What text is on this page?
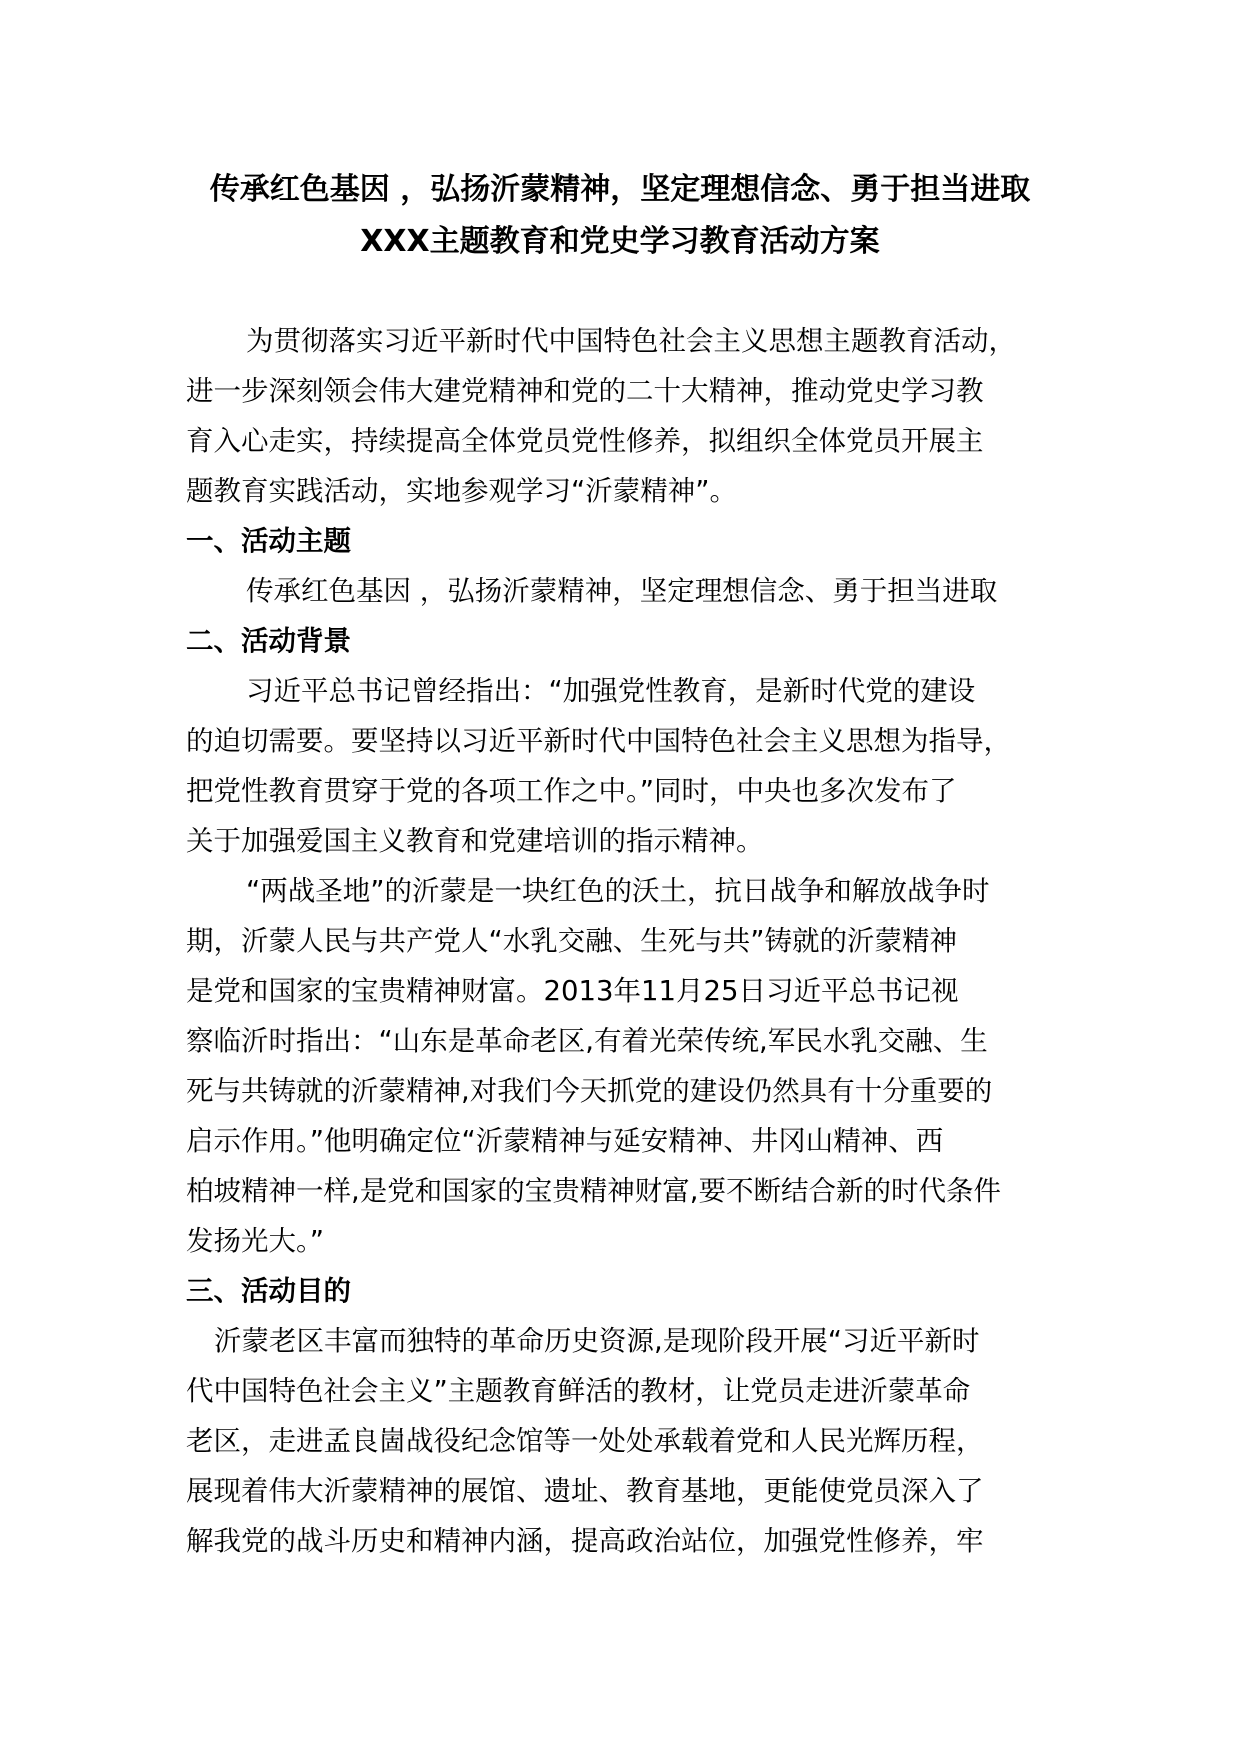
传承红色基因 ，弘扬沂蒙精神，坚定理想信念、勇于担当进取
XXX主题教育和党史学习教育活动方案
为贯彻落实习近平新时代中国特色社会主义思想主题教育活动，
进一步深刻领会伟大建党精神和党的二十大精神，推动党史学习教
育入心走实，持续提高全体党员党性修养，拟组织全体党员开展主
题教育实践活动，实地参观学习“沂蒙精神”。
一、活动主题
传承红色基因 ，弘扬沂蒙精神，坚定理想信念、勇于担当进取
二、活动背景
习近平总书记曾经指出：“加强党性教育，是新时代党的建设
的迫切需要。要坚持以习近平新时代中国特色社会主义思想为指导，
把党性教育贯穿于党的各项工作之中。”同时，中央也多次发布了
关于加强爱国主义教育和党建培训的指示精神。
“两战圣地”的沂蒙是一块红色的沃土，抗日战争和解放战争时
期，沂蒙人民与共产党人“水乳交融、生死与共”铸就的沂蒙精神
是党和国家的宝贵精神财富。2013年11月25日习近平总书记视
察临沂时指出：“山东是革命老区,有着光荣传统,军民水乳交融、生
死与共铸就的沂蒙精神,对我们今天抓党的建设仍然具有十分重要的
启示作用。”他明确定位“沂蒙精神与延安精神、井冈山精神、西
柏坡精神一样,是党和国家的宝贵精神财富,要不断结合新的时代条件
发扬光大。”
三、活动目的
沂蒙老区丰富而独特的革命历史资源,是现阶段开展“习近平新时
代中国特色社会主义”主题教育鲜活的教材，让党员走进沂蒙革命
老区，走进孟良崮战役纪念馆等一处处承载着党和人民光辉历程，
展现着伟大沂蒙精神的展馆、遗址、教育基地，更能使党员深入了
解我党的战斗历史和精神内涵，提高政治站位，加强党性修养，牢
